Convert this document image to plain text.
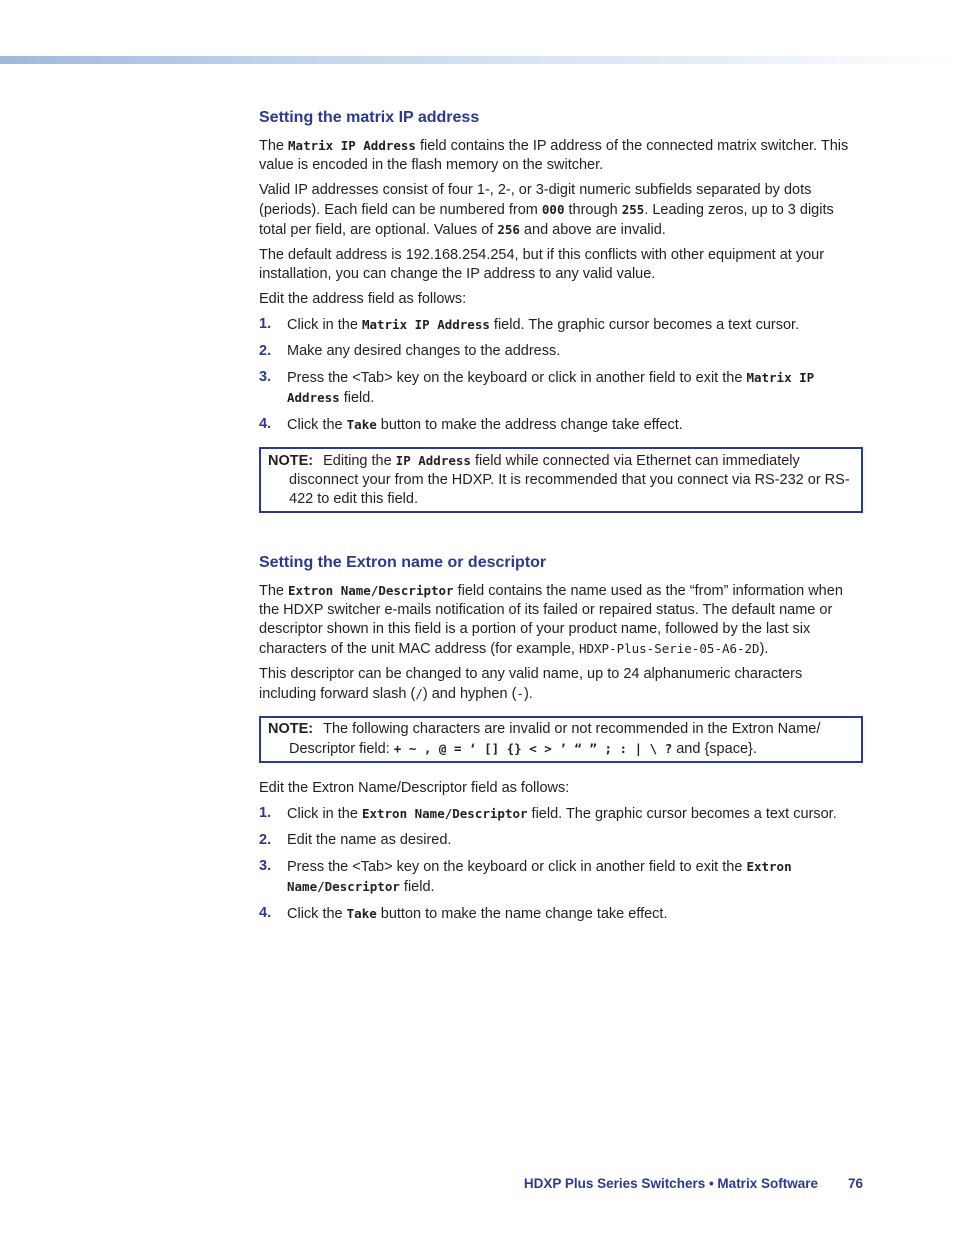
Setting the matrix IP address

The Matrix IP Address field contains the IP address of the connected matrix switcher. This value is encoded in the flash memory on the switcher.

Valid IP addresses consist of four 1-, 2-, or 3-digit numeric subfields separated by dots (periods). Each field can be numbered from 000 through 255. Leading zeros, up to 3 digits total per field, are optional. Values of 256 and above are invalid.

The default address is 192.168.254.254, but if this conflicts with other equipment at your installation, you can change the IP address to any valid value.

Edit the address field as follows:

1. Click in the Matrix IP Address field. The graphic cursor becomes a text cursor.
2. Make any desired changes to the address.
3. Press the <Tab> key on the keyboard or click in another field to exit the Matrix IP Address field.
4. Click the Take button to make the address change take effect.
NOTE: Editing the IP Address field while connected via Ethernet can immediately disconnect your from the HDXP. It is recommended that you connect via RS-232 or RS-422 to edit this field.
Setting the Extron name or descriptor

The Extron Name/Descriptor field contains the name used as the “from” information when the HDXP switcher e-mails notification of its failed or repaired status. The default name or descriptor shown in this field is a portion of your product name, followed by the last six characters of the unit MAC address (for example, HDXP-Plus-Serie-05-A6-2D).

This descriptor can be changed to any valid name, up to 24 alphanumeric characters including forward slash (/) and hyphen (-).

NOTE: The following characters are invalid or not recommended in the Extron Name/ Descriptor field: + ~ , @ = ‘ [] {} < > ’ “ ” ; : | \ ? and {space}.

Edit the Extron Name/Descriptor field as follows:

1. Click in the Extron Name/Descriptor field. The graphic cursor becomes a text cursor.
2. Edit the name as desired.
3. Press the <Tab> key on the keyboard or click in another field to exit the Extron Name/Descriptor field.
4. Click the Take button to make the name change take effect.
HDXP Plus Series Switchers • Matrix Software 76
